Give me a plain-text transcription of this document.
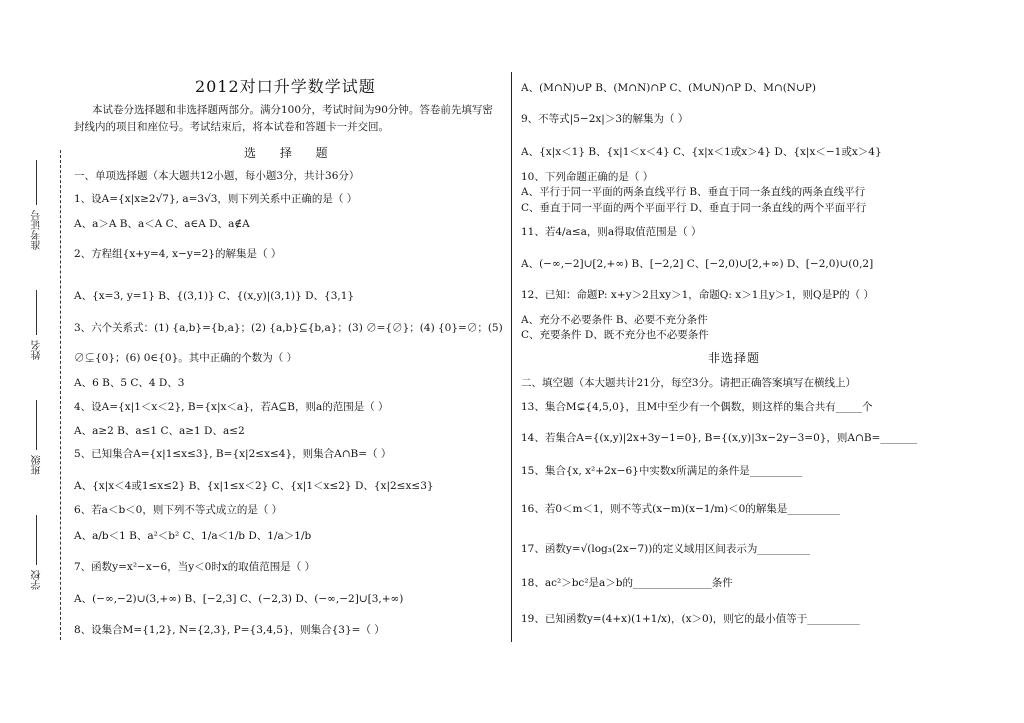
准考证号
姓名
班级
学校
2012对口升学数学试题
本试卷分选择题和非选择题两部分。满分100分，考试时间为90分钟。答卷前先填写密
封线内的项目和座位号。考试结束后，将本试卷和答题卡一并交回。
选 择 题
一、单项选择题（本大题共12小题，每小题3分，共计36分）
1、设A={x|x≥2√7}, a=3√3，则下列关系中正确的是（ ）
A、a＞A B、a＜A C、a∈A D、a∉A
2、方程组{x+y=4, x−y=2}的解集是（ ）
A、{x=3, y=1} B、{(3,1)} C、{(x,y)|(3,1)} D、{3,1}
3、六个关系式：(1) {a,b}={b,a}；(2) {a,b}⊆{b,a}；(3) ∅={∅}；(4) {0}=∅；(5)
∅⊊{0}；(6) 0∈{0}。其中正确的个数为（ ）
A、6 B、5 C、4 D、3
4、设A={x|1＜x＜2}, B={x|x＜a}，若A⊆B，则a的范围是（ ）
A、a≥2 B、a≤1 C、a≥1 D、a≤2
5、已知集合A={x|1≤x≤3}, B={x|2≤x≤4}，则集合A∩B=（ ）
A、{x|x＜4或1≤x≤2} B、{x|1≤x＜2} C、{x|1＜x≤2} D、{x|2≤x≤3}
6、若a＜b＜0，则下列不等式成立的是（ ）
A、a/b＜1 B、a²＜b² C、1/a＜1/b D、1/a＞1/b
7、函数y=x²−x−6，当y＜0时x的取值范围是（ ）
A、(−∞,−2)∪(3,+∞) B、[−2,3] C、(−2,3) D、(−∞,−2]∪[3,+∞)
8、设集合M={1,2}, N={2,3}, P={3,4,5}，则集合{3}=（ ）
A、(M∩N)∪P B、(M∩N)∩P C、(M∪N)∩P D、M∩(N∪P)
9、不等式|5−2x|＞3的解集为（ ）
A、{x|x＜1} B、{x|1＜x＜4} C、{x|x＜1或x＞4} D、{x|x＜−1或x＞4}
10、下列命题正确的是（ ）
A、平行于同一平面的两条直线平行 B、垂直于同一条直线的两条直线平行
C、垂直于同一平面的两个平面平行 D、垂直于同一条直线的两个平面平行
11、若4/a≤a，则a得取值范围是（ ）
A、(−∞,−2]∪[2,+∞) B、[−2,2] C、[−2,0)∪[2,+∞) D、[−2,0)∪(0,2]
12、已知：命题P: x+y＞2且xy＞1，命题Q: x＞1且y＞1，则Q是P的（ ）
A、充分不必要条件 B、必要不充分条件
C、充要条件 D、既不充分也不必要条件
非选择题
二、填空题（本大题共计21分，每空3分。请把正确答案填写在横线上）
13、集合M⊊{4,5,0}，且M中至少有一个偶数，则这样的集合共有_____个
14、若集合A={(x,y)|2x+3y−1=0}, B={(x,y)|3x−2y−3=0}，则A∩B=_______
15、集合{x, x²+2x−6}中实数x所满足的条件是__________
16、若0＜m＜1，则不等式(x−m)(x−1/m)＜0的解集是__________
17、函数y=√(log₃(2x−7))的定义域用区间表示为__________
18、ac²＞bc²是a＞b的_______________条件
19、已知函数y=(4+x)(1+1/x)，(x＞0)，则它的最小值等于__________
